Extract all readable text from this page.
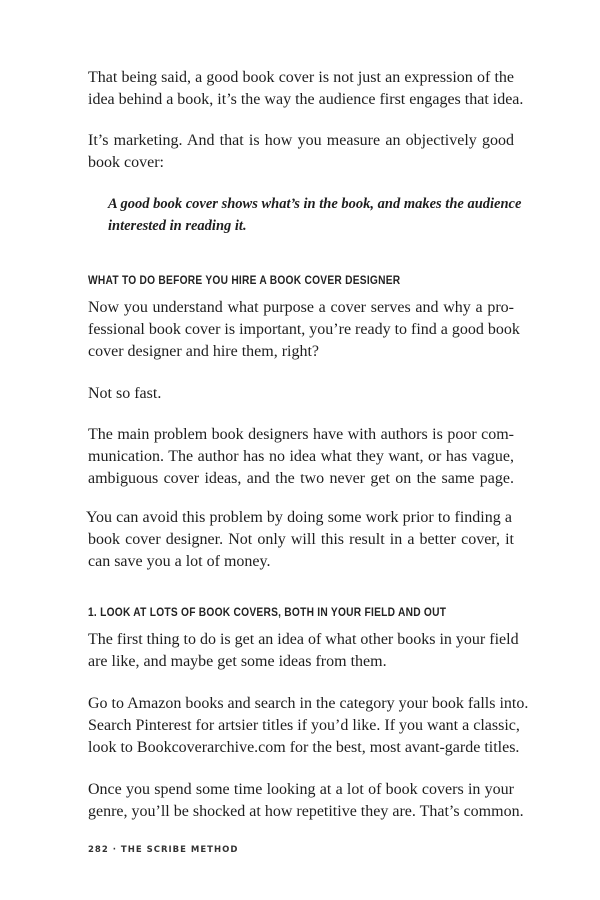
That being said, a good book cover is not just an expression of the
idea behind a book, it’s the way the audience first engages that idea.
It’s marketing. And that is how you measure an objectively good
book cover:
A good book cover shows what’s in the book, and makes the audience
interested in reading it.
WHAT TO DO BEFORE YOU HIRE A BOOK COVER DESIGNER
Now you understand what purpose a cover serves and why a pro-
fessional book cover is important, you’re ready to find a good book
cover designer and hire them, right?
Not so fast.
The main problem book designers have with authors is poor com-
munication. The author has no idea what they want, or has vague,
ambiguous cover ideas, and the two never get on the same page.
You can avoid this problem by doing some work prior to finding a
book cover designer. Not only will this result in a better cover, it
can save you a lot of money.
1. LOOK AT LOTS OF BOOK COVERS, BOTH IN YOUR FIELD AND OUT
The first thing to do is get an idea of what other books in your field
are like, and maybe get some ideas from them.
Go to Amazon books and search in the category your book falls into.
Search Pinterest for artsier titles if you’d like. If you want a classic,
look to Bookcoverarchive.com for the best, most avant-garde titles.
Once you spend some time looking at a lot of book covers in your
genre, you’ll be shocked at how repetitive they are. That’s common.
282 · THE SCRIBE METHOD
